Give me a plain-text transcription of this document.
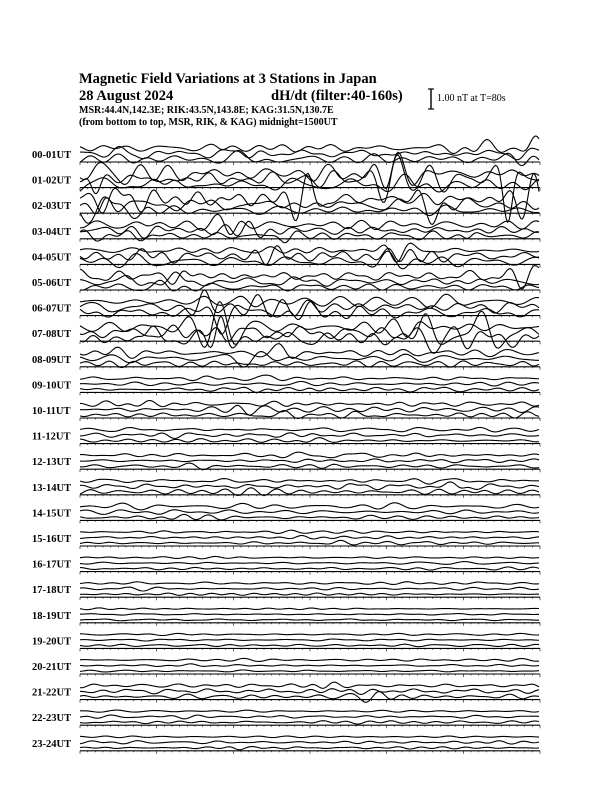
Magnetic Field Variations at 3 Stations in Japan
28 August 2024	dH/dt (filter:40-160s)
MSR:44.4N,142.3E; RIK:43.5N,143.8E; KAG:31.5N,130.7E
(from bottom to top, MSR, RIK, & KAG) midnight=1500UT
1.00 nT at T=80s
00-01UT
01-02UT
02-03UT
03-04UT
04-05UT
05-06UT
06-07UT
07-08UT
08-09UT
09-10UT
10-11UT
11-12UT
12-13UT
13-14UT
14-15UT
15-16UT
16-17UT
17-18UT
18-19UT
19-20UT
20-21UT
21-22UT
22-23UT
23-24UT
